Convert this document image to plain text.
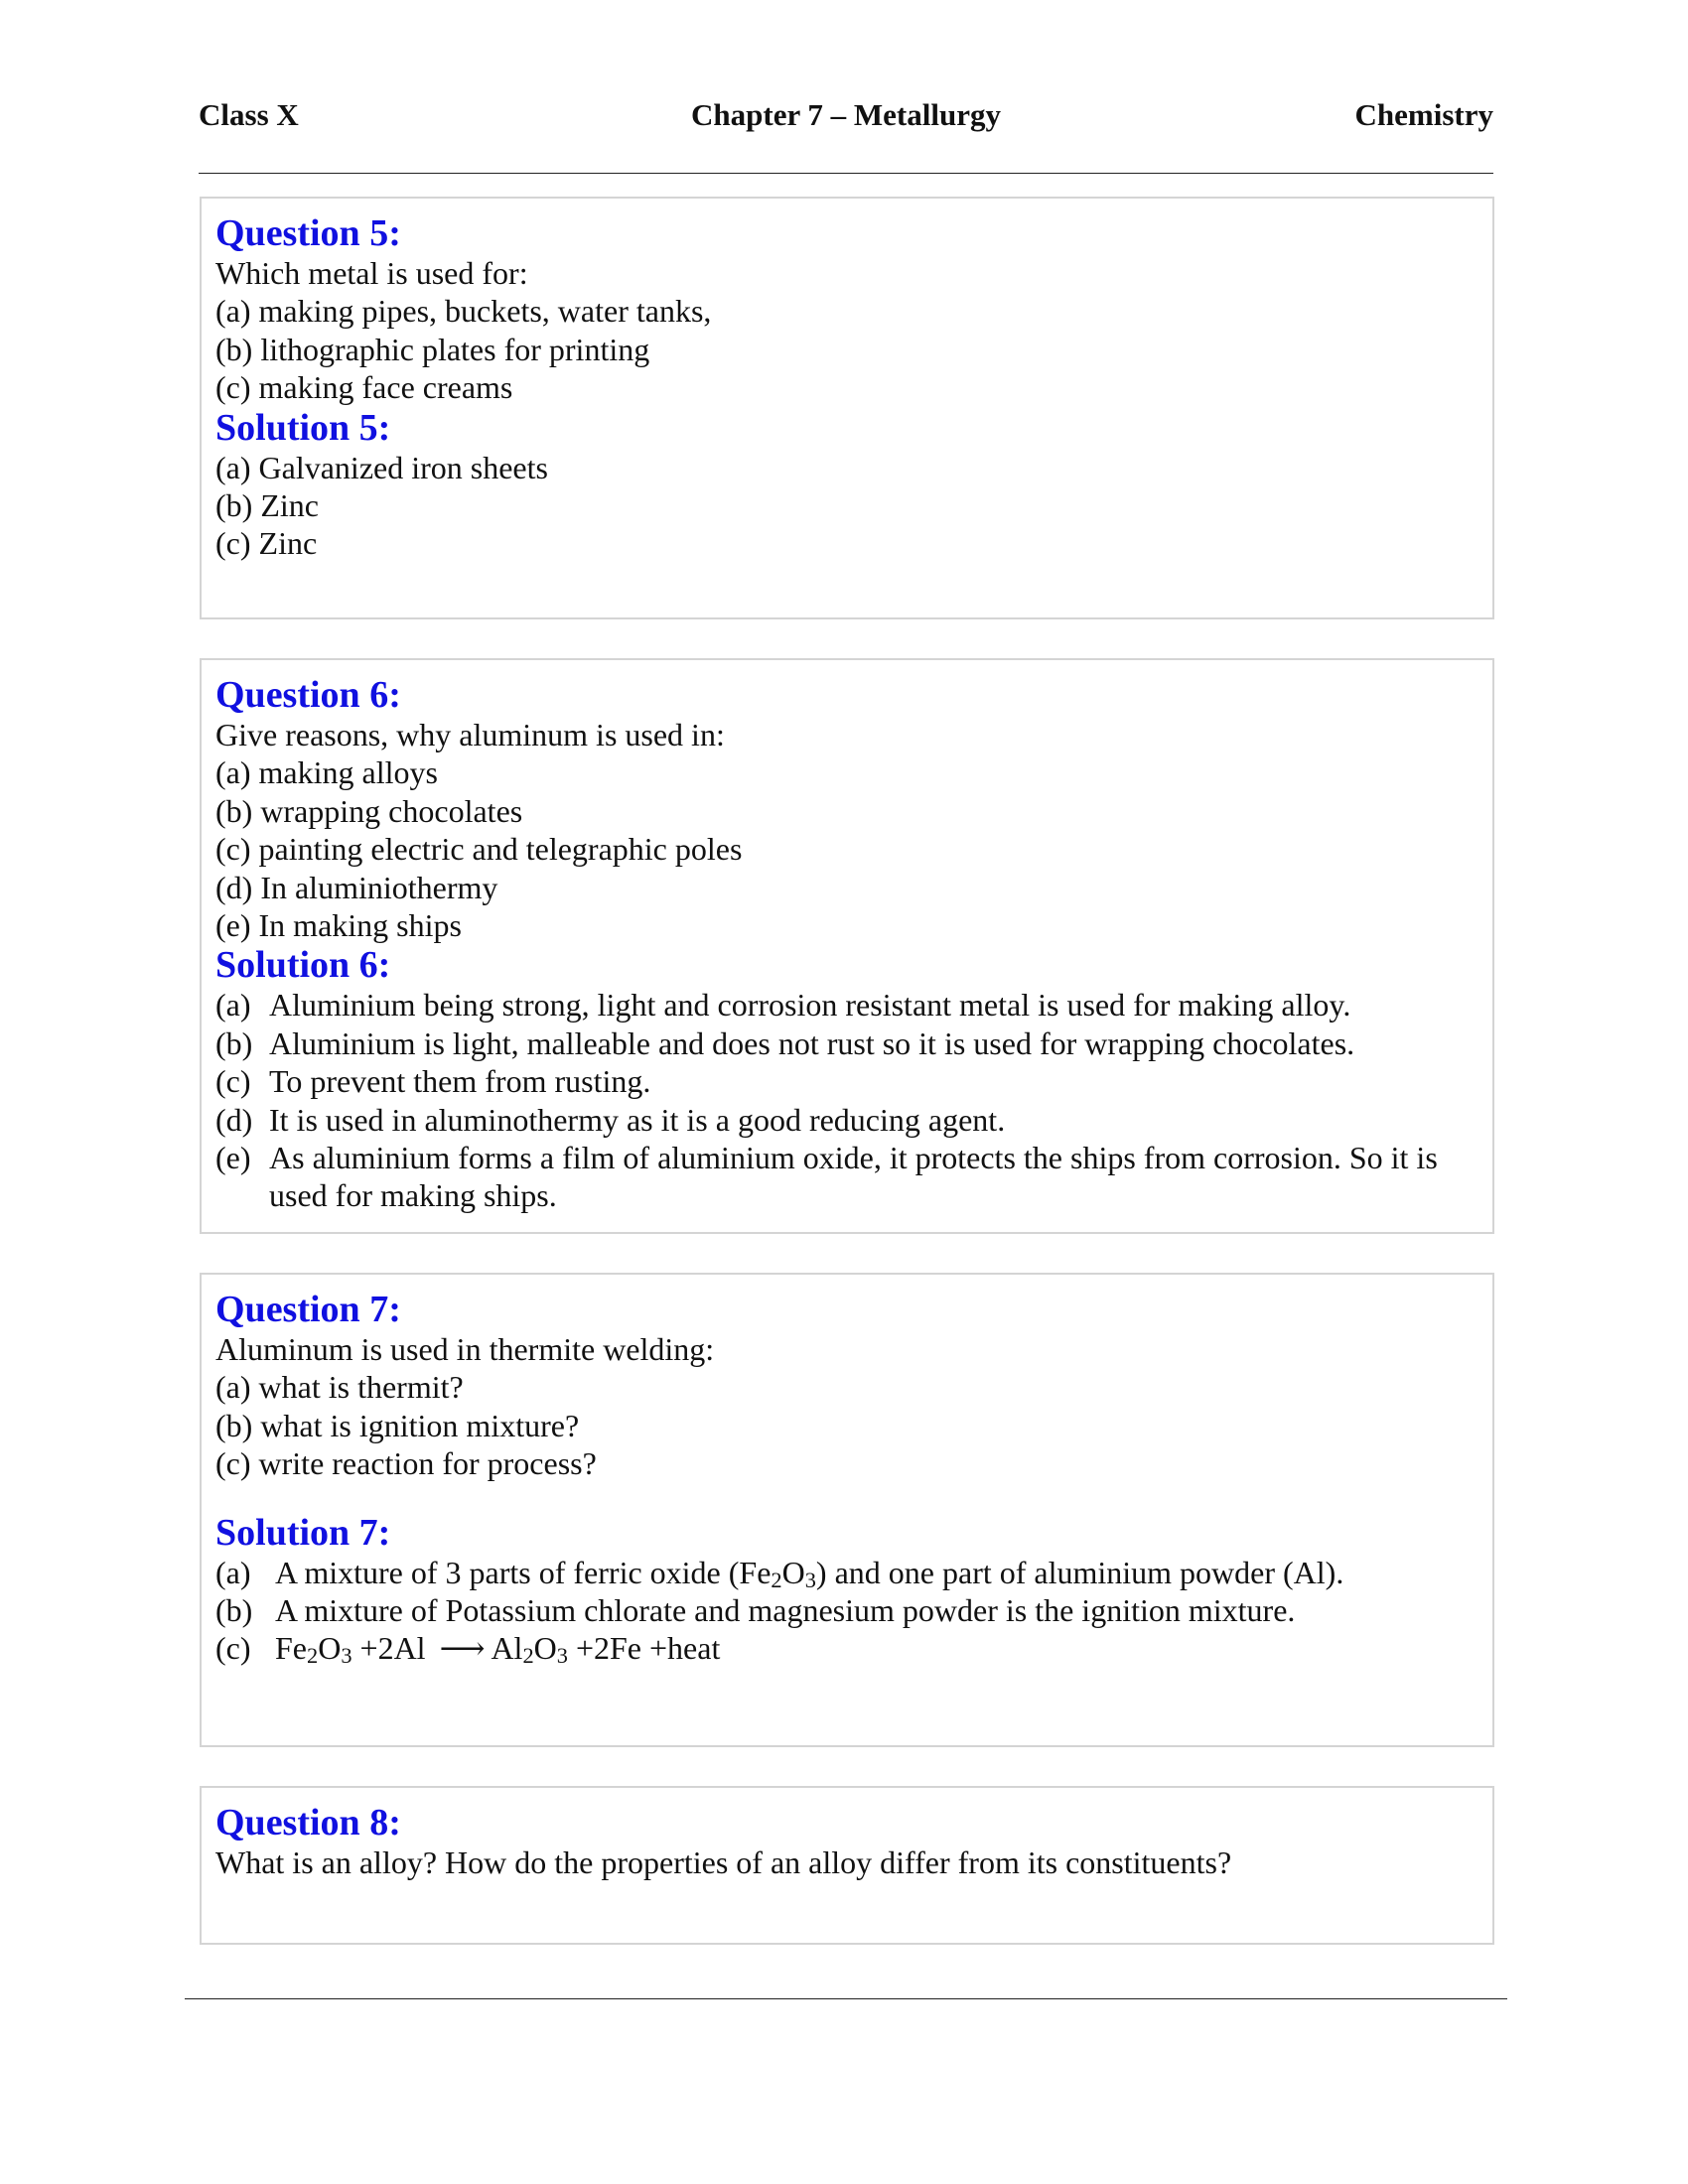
Class X	Chapter 7 – Metallurgy	Chemistry
Question 5:
Which metal is used for:
(a) making pipes, buckets, water tanks,
(b) lithographic plates for printing
(c) making face creams
Solution 5:
(a) Galvanized iron sheets
(b) Zinc
(c) Zinc
Question 6:
Give reasons, why aluminum is used in:
(a) making alloys
(b) wrapping chocolates
(c) painting electric and telegraphic poles
(d) In aluminiothermy
(e) In making ships
Solution 6:
(a) Aluminium being strong, light and corrosion resistant metal is used for making alloy.
(b) Aluminium is light, malleable and does not rust so it is used for wrapping chocolates.
(c) To prevent them from rusting.
(d) It is used in aluminothermy as it is a good reducing agent.
(e) As aluminium forms a film of aluminium oxide, it protects the ships from corrosion. So it is used for making ships.
Question 7:
Aluminum is used in thermite welding:
(a) what is thermit?
(b) what is ignition mixture?
(c) write reaction for process?
Solution 7:
(a) A mixture of 3 parts of ferric oxide $(Fe_2O_3)$ and one part of aluminium powder (Al).
(b) A mixture of Potassium chlorate and magnesium powder is the ignition mixture.
(c) $Fe_2O_3 +2Al$ ⟶ $Al_2O_3 +2Fe$ +heat
Question 8:
What is an alloy? How do the properties of an alloy differ from its constituents?
